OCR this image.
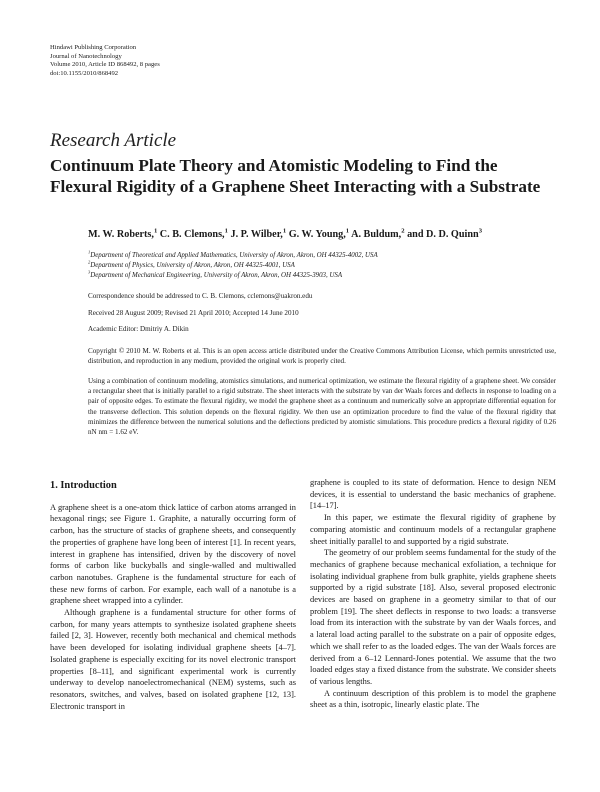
Hindawi Publishing Corporation
Journal of Nanotechnology
Volume 2010, Article ID 868492, 8 pages
doi:10.1155/2010/868492
Research Article
Continuum Plate Theory and Atomistic Modeling to Find the
Flexural Rigidity of a Graphene Sheet Interacting with a Substrate
M. W. Roberts,$^1$ C. B. Clemons,$^1$ J. P. Wilber,$^1$ G. W. Young,$^1$ A. Buldum,$^2$ and D. D. Quinn$^3$
$^1$Department of Theoretical and Applied Mathematics, University of Akron, Akron, OH 44325-4002, USA
$^2$Department of Physics, University of Akron, Akron, OH 44325-4001, USA
$^3$Department of Mechanical Engineering, University of Akron, Akron, OH 44325-3903, USA
Correspondence should be addressed to C. B. Clemons, cclemons@uakron.edu
Received 28 August 2009; Revised 21 April 2010; Accepted 14 June 2010
Academic Editor: Dmitriy A. Dikin
Copyright © 2010 M. W. Roberts et al. This is an open access article distributed under the Creative Commons Attribution License, which permits unrestricted use, distribution, and reproduction in any medium, provided the original work is properly cited.
Using a combination of continuum modeling, atomistics simulations, and numerical optimization, we estimate the flexural rigidity of a graphene sheet. We consider a rectangular sheet that is initially parallel to a rigid substrate. The sheet interacts with the substrate by van der Waals forces and deflects in response to loading on a pair of opposite edges. To estimate the flexural rigidity, we model the graphene sheet as a continuum and numerically solve an appropriate differential equation for the transverse deflection. This solution depends on the flexural rigidity. We then use an optimization procedure to find the value of the flexural rigidity that minimizes the difference between the numerical solutions and the deflections predicted by atomistic simulations. This procedure predicts a flexural rigidity of 0.26 nN nm = 1.62 eV.
1. Introduction

A graphene sheet is a one-atom thick lattice of carbon atoms arranged in hexagonal rings; see Figure 1. Graphite, a naturally occurring form of carbon, has the structure of stacks of graphene sheets, and consequently the properties of graphene have long been of interest [1]. In recent years, interest in graphene has intensified, driven by the discovery of novel forms of carbon like buckyballs and single-walled and multiwalled carbon nanotubes. Graphene is the fundamental structure for each of these new forms of carbon. For example, each wall of a nanotube is a graphene sheet wrapped into a cylinder.

Although graphene is a fundamental structure for other forms of carbon, for many years attempts to synthesize isolated graphene sheets failed [2, 3]. However, recently both mechanical and chemical methods have been developed for isolating individual graphene sheets [4–7]. Isolated graphene is especially exciting for its novel electronic transport properties [8–11], and significant experimental work is currently underway to develop nanoelectromechanical (NEM) systems, such as resonators, switches, and valves, based on isolated graphene [12, 13]. Electronic transport in

graphene is coupled to its state of deformation. Hence to design NEM devices, it is essential to understand the basic mechanics of graphene. [14–17].

In this paper, we estimate the flexural rigidity of graphene by comparing atomistic and continuum models of a rectangular graphene sheet initially parallel to and supported by a rigid substrate.

The geometry of our problem seems fundamental for the study of the mechanics of graphene because mechanical exfoliation, a technique for isolating individual graphene from bulk graphite, yields graphene sheets supported by a rigid substrate [18]. Also, several proposed electronic devices are based on graphene in a geometry similar to that of our problem [19]. The sheet deflects in response to two loads: a transverse load from its interaction with the substrate by van der Waals forces, and a lateral load acting parallel to the substrate on a pair of opposite edges, which we shall refer to as the loaded edges. The van der Waals forces are derived from a 6–12 Lennard-Jones potential. We assume that the two loaded edges stay a fixed distance from the substrate. We consider sheets of various lengths.

A continuum description of this problem is to model the graphene sheet as a thin, isotropic, linearly elastic plate. The
